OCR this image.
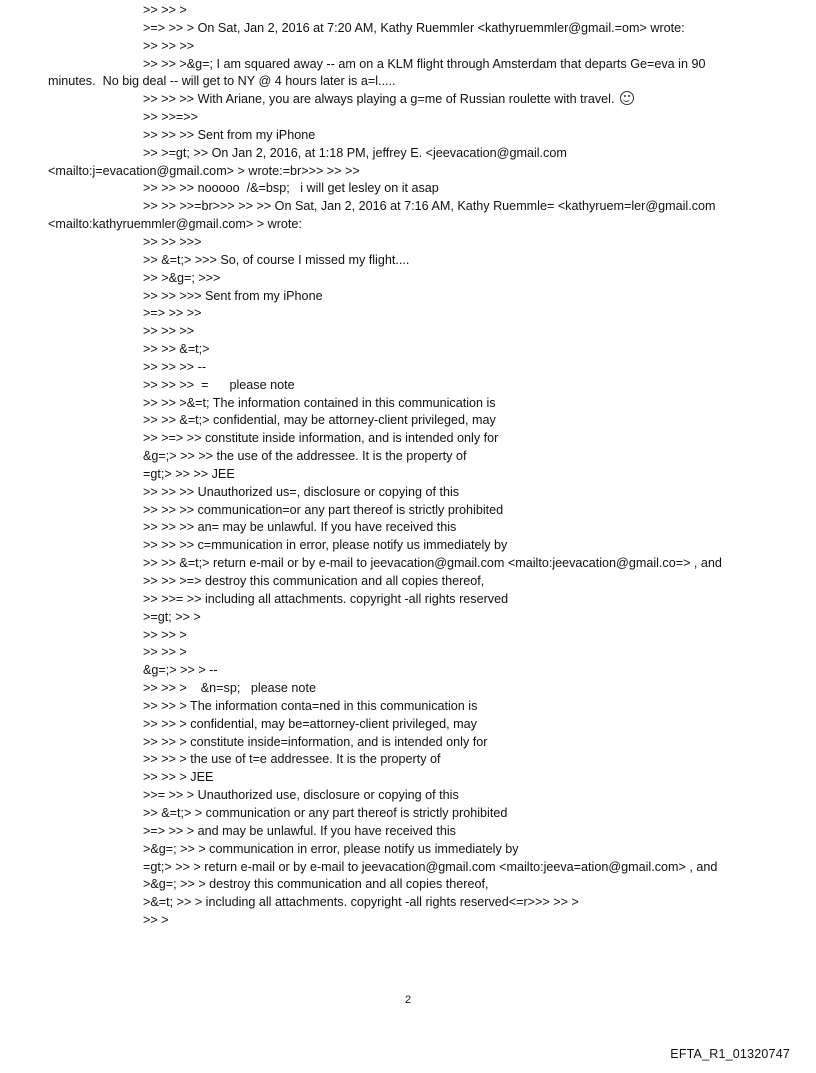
>> >> >
>=> >> > On Sat, Jan 2, 2016 at 7:20 AM, Kathy Ruemmler <kathyruemmler@gmail.=om> wrote:
>> >> >>
>> >> >&g=; I am squared away -- am on a KLM flight through Amsterdam that departs Ge=eva in 90
minutes.  No big deal -- will get to NY @ 4 hours later is a=l.....
>> >> >> With Ariane, you are always playing a g=me of Russian roulette with travel.
>> >>=>>
>> >> >> Sent from my iPhone
>> >=gt; >> On Jan 2, 2016, at 1:18 PM, jeffrey E. <jeevacation@gmail.com
<mailto:j=evacation@gmail.com> > wrote:=br>>> >> >>
>> >> >> nooooo  /&=bsp;   i will get lesley on it asap
>> >> >>=br>>> >> >> On Sat, Jan 2, 2016 at 7:16 AM, Kathy Ruemmle= <kathyruem=ler@gmail.com
<mailto:kathyruemmler@gmail.com> > wrote:
>> >> >>>
>> &=t;> >>> So, of course I missed my flight....
>> >&g=; >>>
>> >> >>> Sent from my iPhone
>=> >> >>
>> >> >>
>> >> &=t;>
>> >> >> --
>> >> >>  =      please note
>> >> >&=t; The information contained in this communication is
>> >> &=t;> confidential, may be attorney-client privileged, may
>> >=> >> constitute inside information, and is intended only for
&g=;> >> >> the use of the addressee. It is the property of
=gt;> >> >> JEE
>> >> >> Unauthorized us=, disclosure or copying of this
>> >> >> communication=or any part thereof is strictly prohibited
>> >> >> an= may be unlawful. If you have received this
>> >> >> c=mmunication in error, please notify us immediately by
>> >> &=t;> return e-mail or by e-mail to jeevacation@gmail.com <mailto:jeevacation@gmail.co=> , and
>> >> >=> destroy this communication and all copies thereof,
>> >>= >> including all attachments. copyright -all rights reserved
>=gt; >> >
>> >> >
>> >> >
&g=;> >> > --
>> >> >    &n=sp;   please note
>> >> > The information conta=ned in this communication is
>> >> > confidential, may be=attorney-client privileged, may
>> >> > constitute inside=information, and is intended only for
>> >> > the use of t=e addressee. It is the property of
>> >> > JEE
>>= >> > Unauthorized use, disclosure or copying of this
>> &=t;> > communication or any part thereof is strictly prohibited
>=> >> > and may be unlawful. If you have received this
>&g=; >> > communication in error, please notify us immediately by
=gt;> >> > return e-mail or by e-mail to jeevacation@gmail.com <mailto:jeeva=ation@gmail.com> , and
>&g=; >> > destroy this communication and all copies thereof,
>&=t; >> > including all attachments. copyright -all rights reserved<=r>>> >> >
>> >
2
EFTA_R1_01320747
